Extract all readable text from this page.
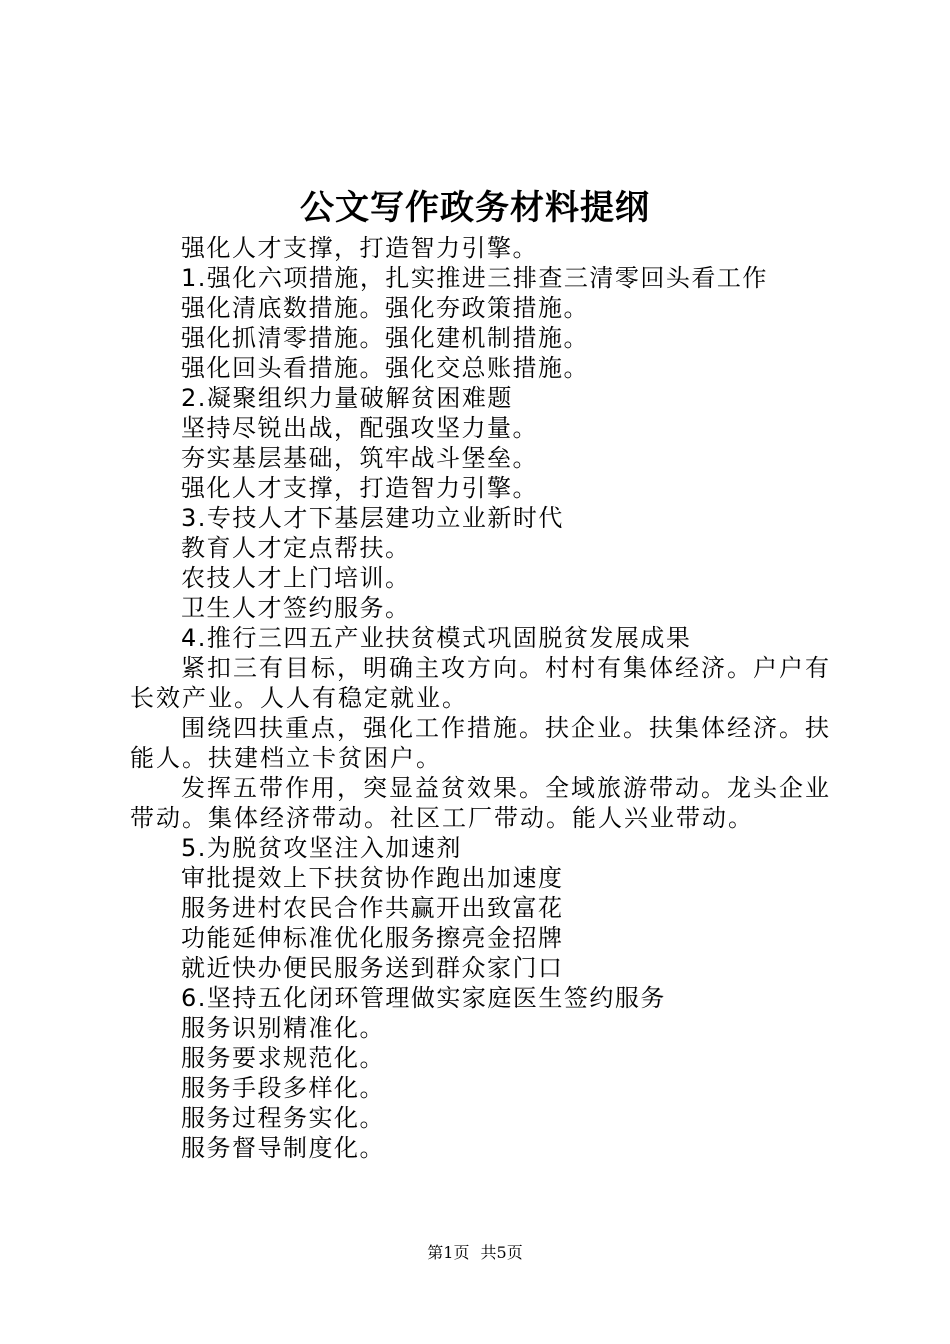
公文写作政务材料提纲

强化人才支撑，打造智力引擎。

1.强化六项措施，扎实推进三排查三清零回头看工作

强化清底数措施。强化夯政策措施。

强化抓清零措施。强化建机制措施。

强化回头看措施。强化交总账措施。

2.凝聚组织力量破解贫困难题

坚持尽锐出战，配强攻坚力量。

夯实基层基础，筑牢战斗堡垒。

强化人才支撑，打造智力引擎。

3.专技人才下基层建功立业新时代

教育人才定点帮扶。

农技人才上门培训。

卫生人才签约服务。

4.推行三四五产业扶贫模式巩固脱贫发展成果

紧扣三有目标，明确主攻方向。村村有集体经济。户户有长效产业。人人有稳定就业。

围绕四扶重点，强化工作措施。扶企业。扶集体经济。扶能人。扶建档立卡贫困户。

发挥五带作用，突显益贫效果。全域旅游带动。龙头企业带动。集体经济带动。社区工厂带动。能人兴业带动。

5.为脱贫攻坚注入加速剂

审批提效上下扶贫协作跑出加速度

服务进村农民合作共赢开出致富花

功能延伸标准优化服务擦亮金招牌

就近快办便民服务送到群众家门口

6.坚持五化闭环管理做实家庭医生签约服务

服务识别精准化。

服务要求规范化。

服务手段多样化。

服务过程务实化。

服务督导制度化。

第1页 共5页
